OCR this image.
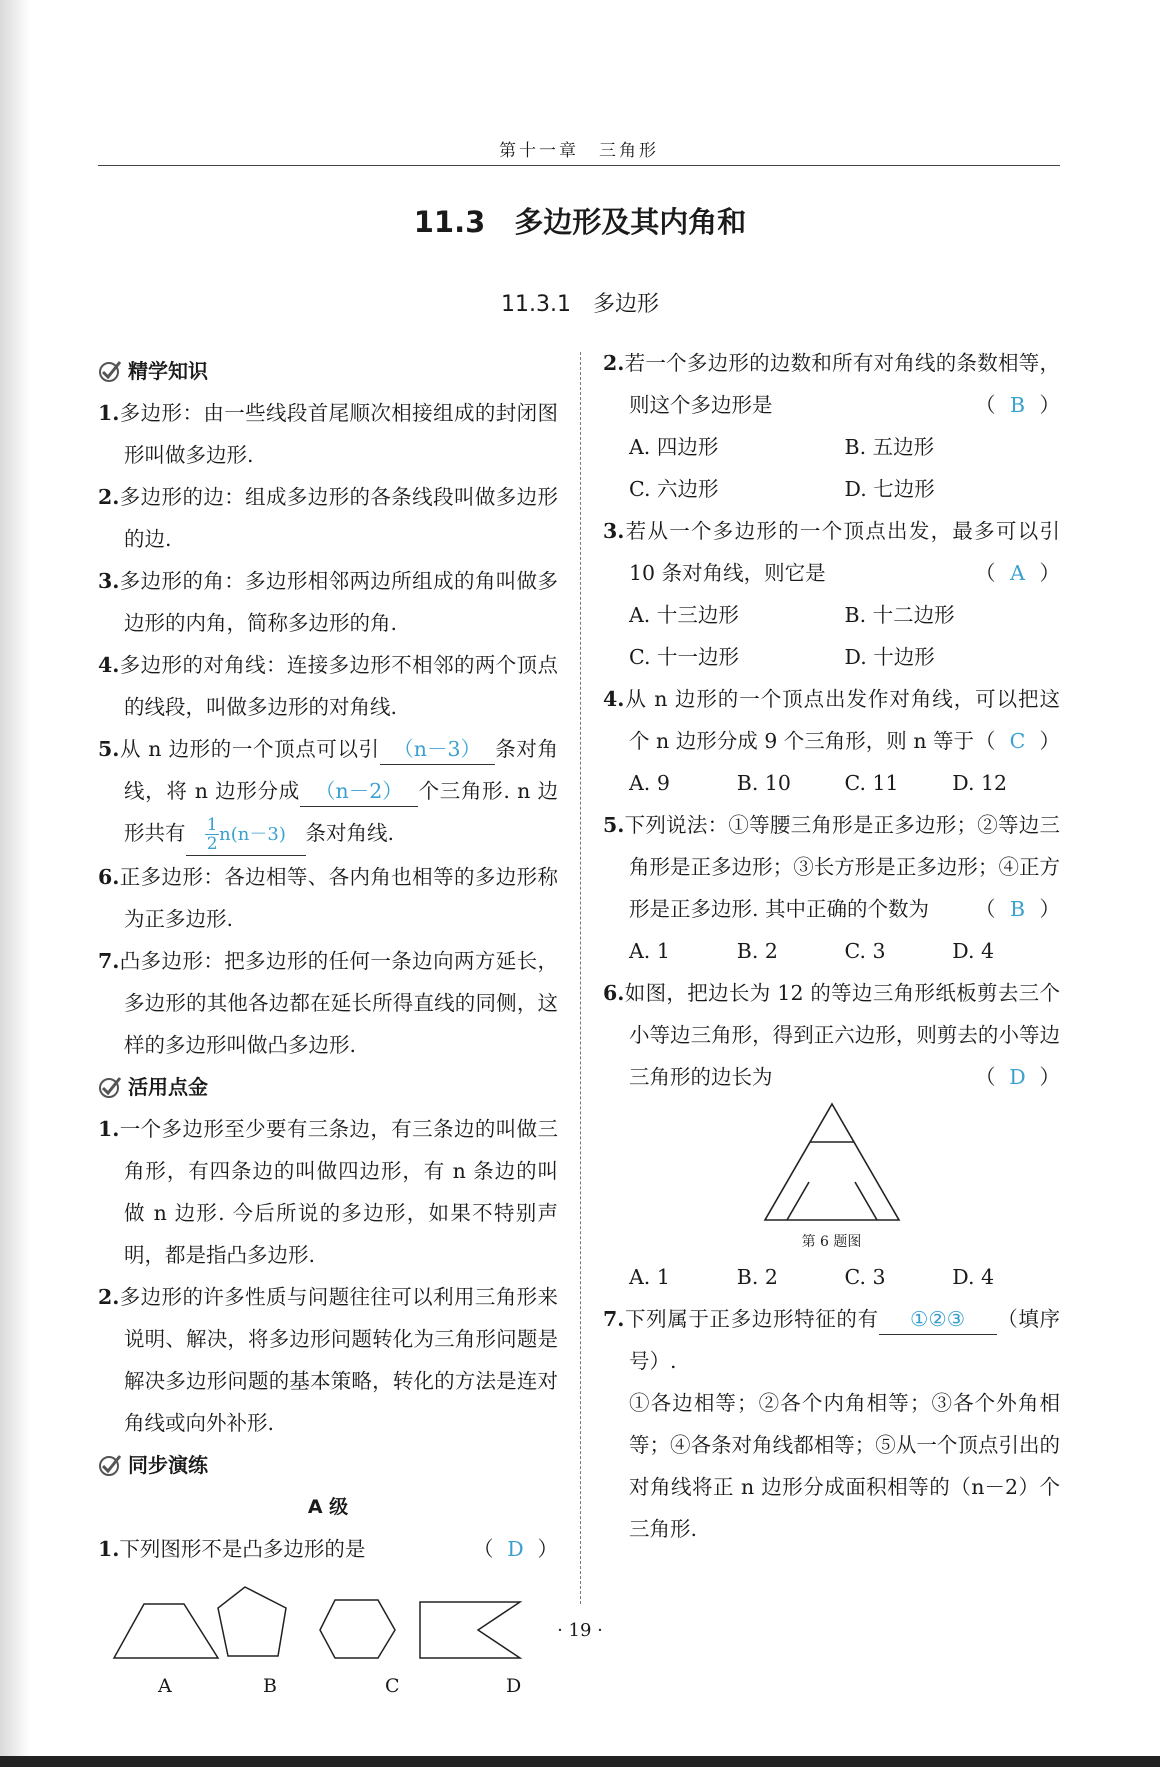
第十一章　三角形
11.3　多边形及其内角和
11.3.1　多边形
精学知识
1.多边形：由一些线段首尾顺次相接组成的封闭图形叫做多边形.
2.多边形的边：组成多边形的各条线段叫做多边形的边.
3.多边形的角：多边形相邻两边所组成的角叫做多边形的内角，简称多边形的角.
4.多边形的对角线：连接多边形不相邻的两个顶点的线段，叫做多边形的对角线.
5.从 n 边形的一个顶点可以引 （n－3） 条对角线，将 n 边形分成 （n－2） 个三角形. n 边形共有 $\frac{1}{2} n(n-3)$ 条对角线.
6.正多边形：各边相等、各内角也相等的多边形称为正多边形.
7.凸多边形：把多边形的任何一条边向两方延长，多边形的其他各边都在延长所得直线的同侧，这样的多边形叫做凸多边形.
活用点金
1.一个多边形至少要有三条边，有三条边的叫做三角形，有四条边的叫做四边形，有 n 条边的叫做 n 边形. 今后所说的多边形，如果不特别声明，都是指凸多边形.
2.多边形的许多性质与问题往往可以利用三角形来说明、解决，将多边形问题转化为三角形问题是解决多边形问题的基本策略，转化的方法是连对角线或向外补形.
同步演练
A 级
1.下列图形不是凸多边形的是	（ D ）
A	B	C	D
2.若一个多边形的边数和所有对角线的条数相等，则这个多边形是	（ B ）
A. 四边形	B. 五边形
C. 六边形	D. 七边形
3.若从一个多边形的一个顶点出发，最多可以引 10 条对角线，则它是	（ A ）
A. 十三边形	B. 十二边形
C. 十一边形	D. 十边形
4.从 n 边形的一个顶点出发作对角线，可以把这个 n 边形分成 9 个三角形，则 n 等于 （ C ）
A. 9	B. 10	C. 11	D. 12
5.下列说法：①等腰三角形是正多边形；②等边三角形是正多边形；③长方形是正多边形；④正方形是正多边形. 其中正确的个数为 （ B ）
A. 1	B. 2	C. 3	D. 4
6.如图，把边长为 12 的等边三角形纸板剪去三个小等边三角形，得到正六边形，则剪去的小等边三角形的边长为	（ D ）
第 6 题图
A. 1	B. 2	C. 3	D. 4
7.下列属于正多边形特征的有 ①②③ （填序号）.
①各边相等；②各个内角相等；③各个外角相等；④各条对角线都相等；⑤从一个顶点引出的对角线将正 n 边形分成面积相等的（n－2）个三角形.
· 19 ·
